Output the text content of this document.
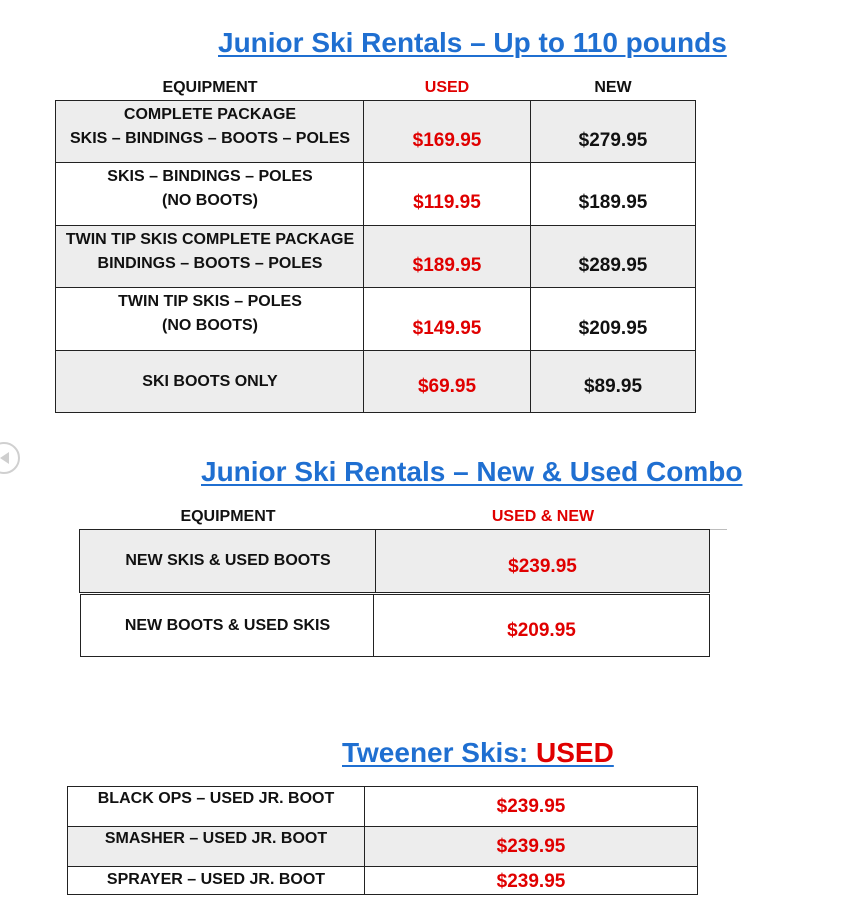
Junior Ski Rentals – Up to 110 pounds
EQUIPMENT	USED	NEW
COMPLETE PACKAGE
SKIS – BINDINGS – BOOTS – POLES	$169.95	$279.95
SKIS – BINDINGS – POLES
(NO BOOTS)	$119.95	$189.95
TWIN TIP SKIS COMPLETE PACKAGE
BINDINGS – BOOTS – POLES	$189.95	$289.95
TWIN TIP SKIS – POLES
(NO BOOTS)	$149.95	$209.95
SKI BOOTS ONLY	$69.95	$89.95
Junior Ski Rentals – New & Used Combo
EQUIPMENT	USED & NEW
NEW SKIS & USED BOOTS	$239.95
NEW BOOTS & USED SKIS	$209.95
Tweener Skis: USED
BLACK OPS – USED JR. BOOT	$239.95
SMASHER – USED JR. BOOT	$239.95
SPRAYER – USED JR. BOOT	$239.95
